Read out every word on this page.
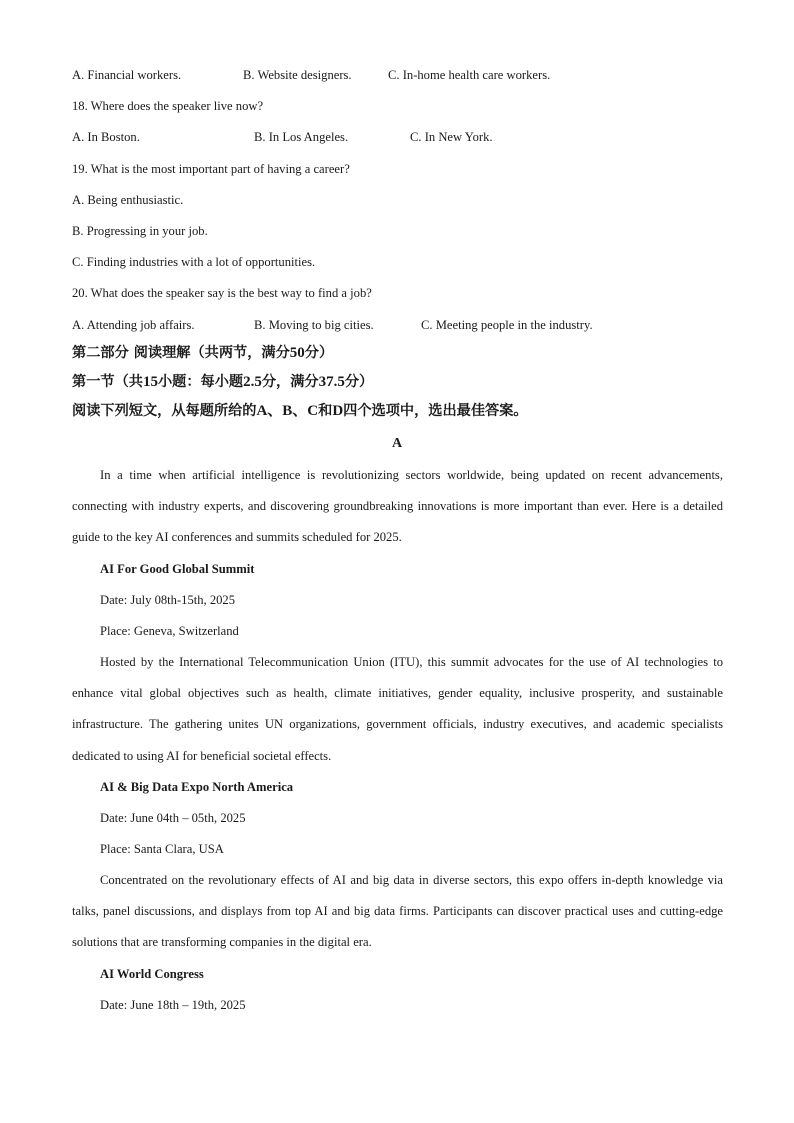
A. Financial workers.	B. Website designers.	C. In-home health care workers.
18. Where does the speaker live now?
A. In Boston.	B. In Los Angeles.	C. In New York.
19. What is the most important part of having a career?
A. Being enthusiastic.
B. Progressing in your job.
C. Finding industries with a lot of opportunities.
20. What does the speaker say is the best way to find a job?
A. Attending job affairs.	B. Moving to big cities.	C. Meeting people in the industry.
第二部分 阅读理解（共两节，满分50分）
第一节（共15小题：每小题2.5分，满分37.5分）
阅读下列短文，从每题所给的A、B、C和D四个选项中，选出最佳答案。
A
In a time when artificial intelligence is revolutionizing sectors worldwide, being updated on recent advancements, connecting with industry experts, and discovering groundbreaking innovations is more important than ever. Here is a detailed guide to the key AI conferences and summits scheduled for 2025.
AI For Good Global Summit
Date: July 08th-15th, 2025
Place: Geneva, Switzerland
Hosted by the International Telecommunication Union (ITU), this summit advocates for the use of AI technologies to enhance vital global objectives such as health, climate initiatives, gender equality, inclusive prosperity, and sustainable infrastructure. The gathering unites UN organizations, government officials, industry executives, and academic specialists dedicated to using AI for beneficial societal effects.
AI & Big Data Expo North America
Date: June 04th – 05th, 2025
Place: Santa Clara, USA
Concentrated on the revolutionary effects of AI and big data in diverse sectors, this expo offers in-depth knowledge via talks, panel discussions, and displays from top AI and big data firms. Participants can discover practical uses and cutting-edge solutions that are transforming companies in the digital era.
AI World Congress
Date: June 18th – 19th, 2025
